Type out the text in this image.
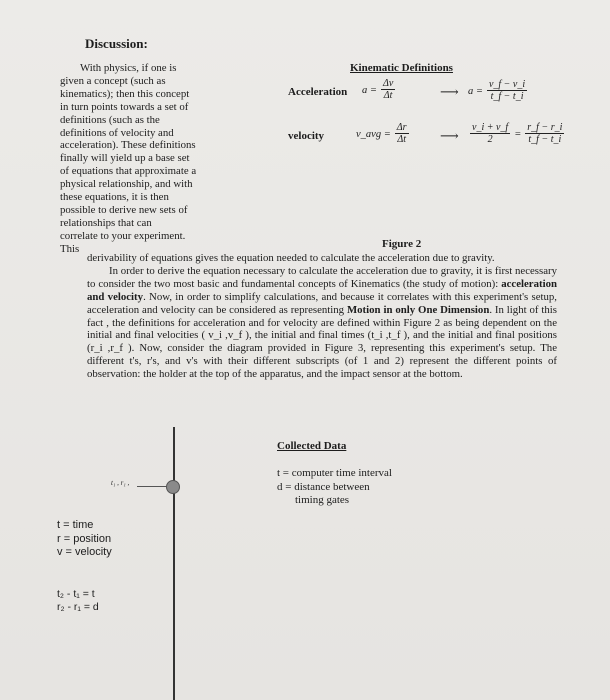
Discussion:
With physics, if one is
given a concept (such as
kinematics); then this concept
in turn points towards a set of
definitions (such as the
definitions of velocity and
acceleration). These definitions
finally will yield up a base set
of equations that approximate a
physical relationship, and with
these equations, it is then
possible to derive new sets of
relationships that can
correlate to your experiment.
This
Kinematic Definitions
Acceleration $a = \frac{\Delta v}{\Delta t}$	⟶ $a = \frac{v\_f - v\_i}{t\_f - t\_i}$
velocity	v_avg = $\frac{\Delta r}{\Delta t}$ ⟶ $\frac{v\_i + v\_f}{2} = \frac{r\_f - r\_i}{t\_f - t\_i}$
Figure 2

derivability of equations gives the equation needed to calculate the acceleration due to gravity.

In order to derive the equation necessary to calculate the acceleration due to gravity, it is first necessary to consider the two most basic and fundamental concepts of Kinematics (the study of motion): acceleration and velocity. Now, in order to simplify calculations, and because it correlates with this experiment's setup, acceleration and velocity can be considered as representing Motion in only One Dimension. In light of this fact , the definitions for acceleration and for velocity are defined within Figure 2 as being dependent on the initial and final velocities ( v_i ,v_f ), the initial and final times (t_i ,t_f ), and the initial and final positions (r_i ,r_f ). Now, consider the diagram provided in Figure 3, representing this experiment's setup. The different t's, r's, and v's with their different subscripts (of 1 and 2) represent the different points of observation: the holder at the top of the apparatus, and the impact sensor at the bottom.

Collected Data
t = computer time interval
d = distance between
timing gates
t₁ , r₁ ,
t = time
r = position
v = velocity
t₂ - t₁ = t
r₂ - r₁ = d
